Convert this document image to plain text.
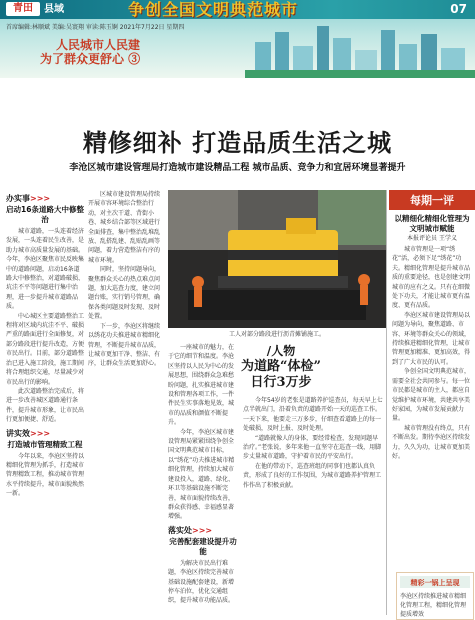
青田	县域	争创全国文明典范城市	07
首席编辑:林顺斌 美编:吴寰翔 审读:陈玉婀 2021年7月22日 星期四
人民城市人民建
为了群众更舒心 ③
精修细补 打造品质生活之城
李沧区城市建设管理局打造城市建设精品工程 城市品质、竞争力和宜居环境显著提升
办实事>>>
启动16条道路大中修整治

城市道路，一头连着经济发展，一头连着民生改善，是助力城市高质量发展的基础。今年，李沧区聚焦市民反映集中的道路问题，启动16条道路大中修整治，对道路破损、坑洼不平等问题进行集中治理，进一步提升城市道路品质。

中心城区主要道路整治工程将对区域内坑洼不平、破损严重的路面进行全面修复，对部分路段进行提升改造，方便市民出行。目前，部分道路整治已进入施工阶段，施工期间将合理组织交通，尽量减少对市民出行的影响。

此次道路整治完成后，将进一步改善城区道路通行条件，提升城市形象，让市民出行更加便捷、舒适。

讲实效>>>
打造城市管理精致工程

今年以来，李沧区坚持以精细化管理为抓手，打造城市管理精致工程，推动城市管理水平持续提升，城市面貌焕然一新。

区城市建设管理局持续开展市容环境综合整治行动，对主次干道、背街小巷、城乡结合部等区域进行全面排查，集中整治乱堆乱放、乱搭乱建、乱贴乱画等问题，着力营造整洁有序的城市环境。

同时，坚持问题导向，聚焦群众关心的热点难点问题，加大巡查力度，建立问题台账，实行销号管理，确保各类问题及时发现、及时处置。

下一步，李沧区将继续以绣花功夫推进城市精细化管理，不断提升城市品质，让城市更加干净、整洁、有序，让群众生活更加舒心。

工人对部分路段进行沥青摊铺施工。

一座城市的魅力，在于它的细节和温度。李沧区坚持以人民为中心的发展思想，围绕群众急难愁盼问题，扎实推进城市建设和管理各项工作，一件件民生实事落地见效，城市的品质和颜值不断提升。

今年，李沧区城市建设管理局紧紧围绕争创全国文明典范城市目标，以“绣花”功夫推进城市精细化管理，持续加大城市建设投入，道路、绿化、环卫等基础设施不断完善，城市面貌持续改善，群众获得感、幸福感显著增强。

落实处>>>
完善配套建设提升功能

为解决市民出行难题，李沧区持续完善城市基础设施配套建设，新增停车泊位，优化交通组织，提升城市功能品质。

/人物
为道路“体检”
日行3万步

今年54岁的老张是道路养护巡查员，每天早上七点半就出门，沿着负责的道路开始一天的巡查工作。一天下来，他要走三万多步，仔细查看道路上的每一处破损，及时上报、及时处理。

“道路就像人的身体，要经常检查，发现问题早治疗。”老张说，多年来他一直坚守在巡查一线，用脚步丈量城市道路，守护着市民的平安出行。

在他的带动下，巡查班组的同事们也都认真负责，形成了良好的工作氛围，为城市道路养护管理工作作出了积极贡献。

每期一评
以精细化精细化管理为文明城市赋能
本报评论员 王学义

城市管理是一项“绣花”活，必须下足“绣花”功夫。精细化管理是提升城市品质的重要途径，也是创建文明城市的应有之义。只有在细微处下功夫，才能让城市更有温度、更有品质。

李沧区城市建设管理局以问题为导向，聚焦道路、市容、环境等群众关心的领域，持续推进精细化管理，让城市管理更加精准、更加高效，得到了广大市民的认可。

争创全国文明典范城市，需要全社会共同参与。每一位市民都是城市的主人，都应自觉维护城市环境，共建共享美好家园，为城市发展贡献力量。

城市管理没有终点，只有不断出发。期待李沧区持续发力，久久为功，让城市更加美好。

精彩一锅上呈现
李沧区持续推进城市精细化管理工程，精细化管理提质增效
